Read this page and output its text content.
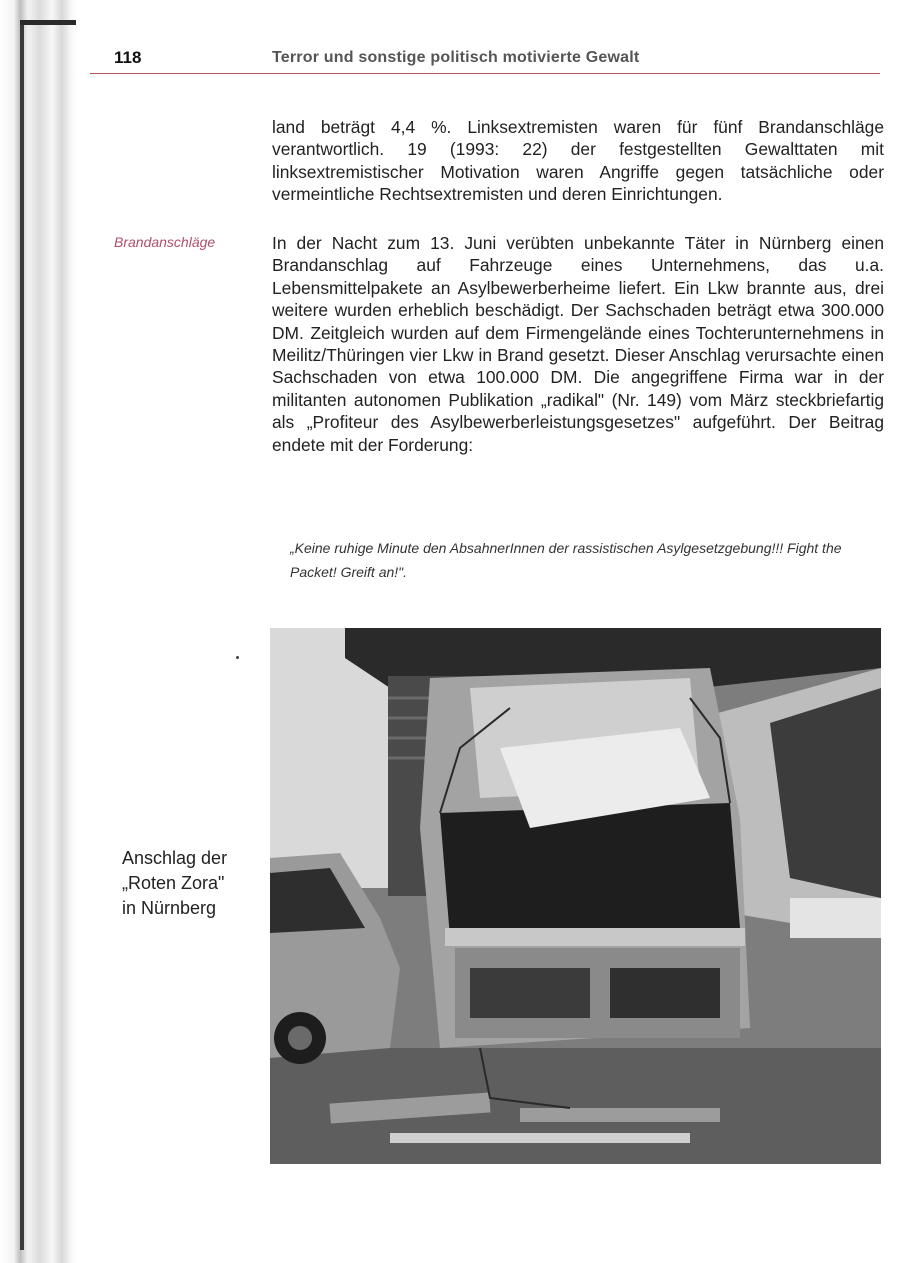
118	Terror und sonstige politisch motivierte Gewalt
land beträgt 4,4 %. Linksextremisten waren für fünf Brandanschläge verantwortlich. 19 (1993: 22) der festgestellten Gewalttaten mit linksextremistischer Motivation waren Angriffe gegen tatsächliche oder vermeintliche Rechtsextremisten und deren Einrichtungen.
Brandanschläge	In der Nacht zum 13. Juni verübten unbekannte Täter in Nürnberg einen Brandanschlag auf Fahrzeuge eines Unternehmens, das u.a. Lebensmittelpakete an Asylbewerberheime liefert. Ein Lkw brannte aus, drei weitere wurden erheblich beschädigt. Der Sachschaden beträgt etwa 300.000 DM. Zeitgleich wurden auf dem Firmengelände eines Tochterunternehmens in Meilitz/Thüringen vier Lkw in Brand gesetzt. Dieser Anschlag verursachte einen Sachschaden von etwa 100.000 DM. Die angegriffene Firma war in der militanten autonomen Publikation „radikal" (Nr. 149) vom März steckbriefartig als „Profiteur des Asylbewerberleistungsgesetzes" aufgeführt. Der Beitrag endete mit der Forderung:
„Keine ruhige Minute den AbsahnerInnen der rassistischen Asylgesetzgebung!!! Fight the Packet! Greift an!".
Anschlag der
„Roten Zora"
in Nürnberg
